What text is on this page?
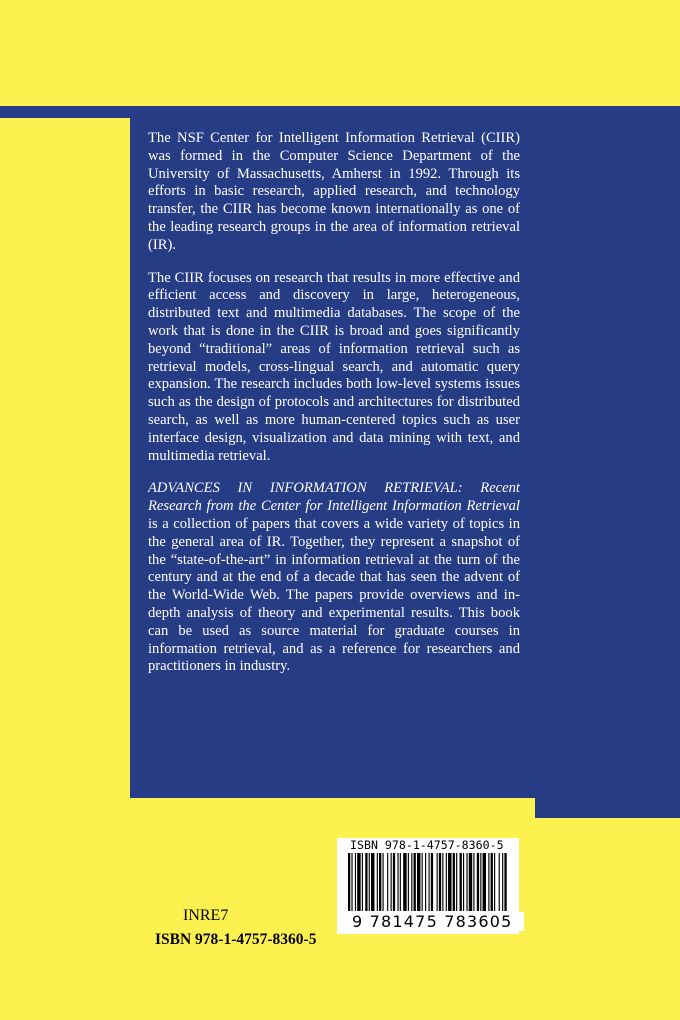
The NSF Center for Intelligent Information Retrieval (CIIR) was formed in the Computer Science Department of the University of Massachusetts, Amherst in 1992. Through its efforts in basic research, applied research, and technology transfer, the CIIR has become known internationally as one of the leading research groups in the area of information retrieval (IR).

The CIIR focuses on research that results in more effective and efficient access and discovery in large, heterogeneous, distributed text and multimedia databases. The scope of the work that is done in the CIIR is broad and goes significantly beyond “traditional” areas of information retrieval such as retrieval models, cross-lingual search, and automatic query expansion. The research includes both low-level systems issues such as the design of protocols and architectures for distributed search, as well as more human-centered topics such as user interface design, visualization and data mining with text, and multimedia retrieval.

ADVANCES IN INFORMATION RETRIEVAL: Recent Research from the Center for Intelligent Information Retrieval is a collection of papers that covers a wide variety of topics in the general area of IR. Together, they represent a snapshot of the “state-of-the-art” in information retrieval at the turn of the century and at the end of a decade that has seen the advent of the World-Wide Web. The papers provide overviews and in-depth analysis of theory and experimental results. This book can be used as source material for graduate courses in information retrieval, and as a reference for researchers and practitioners in industry.

ISBN 978-1-4757-8360-5
9 781475 783605
INRE7
ISBN 978-1-4757-8360-5
